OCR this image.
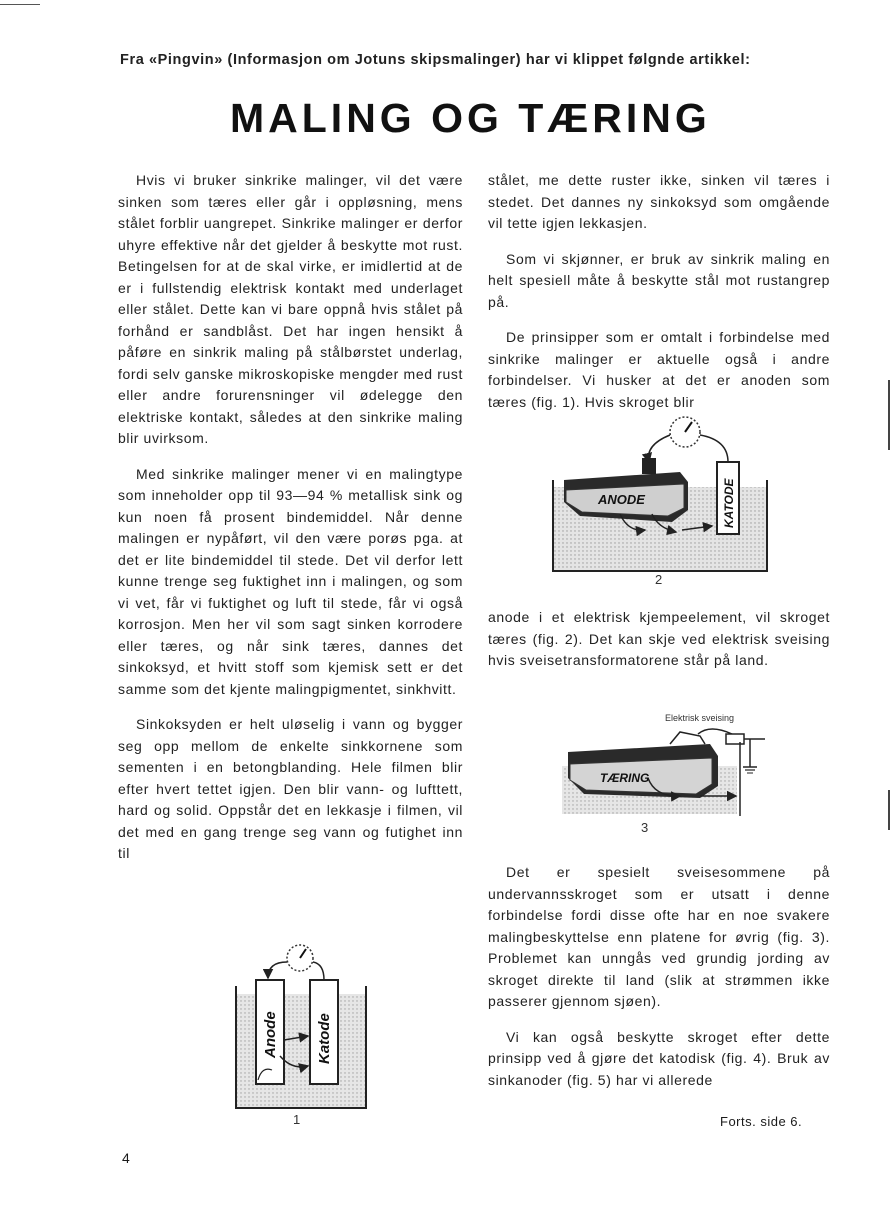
Fra «Pingvin» (Informasjon om Jotuns skipsmalinger) har vi klippet følgnde artikkel:
MALING OG TÆRING

Hvis vi bruker sinkrike malinger, vil det være sinken som tæres eller går i oppløsning, mens stålet forblir uangrepet. Sinkrike malinger er derfor uhyre effektive når det gjelder å beskytte mot rust. Betingelsen for at de skal virke, er imidlertid at de er i fullstendig elektrisk kontakt med underlaget eller stålet. Dette kan vi bare oppnå hvis stålet på forhånd er sandblåst. Det har ingen hensikt å påføre en sinkrik maling på stålbørstet underlag, fordi selv ganske mikroskopiske mengder med rust eller andre forurensninger vil ødelegge den elektriske kontakt, således at den sinkrike maling blir uvirksom.

Med sinkrike malinger mener vi en malingtype som inneholder opp til 93—94 % metallisk sink og kun noen få prosent bindemiddel. Når denne malingen er nypåført, vil den være porøs pga. at det er lite bindemiddel til stede. Det vil derfor lett kunne trenge seg fuktighet inn i malingen, og som vi vet, får vi fuktighet og luft til stede, får vi også korrosjon. Men her vil som sagt sinken korrodere eller tæres, og når sink tæres, dannes det sinkoksyd, et hvitt stoff som kjemisk sett er det samme som det kjente malingpigmentet, sinkhvitt.

Sinkoksyden er helt uløselig i vann og bygger seg opp mellom de enkelte sinkkornene som sementen i en betongblanding. Hele filmen blir efter hvert tettet igjen. Den blir vann- og lufttett, hard og solid. Oppstår det en lekkasje i filmen, vil det med en gang trenge seg vann og futighet inn til

stålet, me dette ruster ikke, sinken vil tæres i stedet. Det dannes ny sinkoksyd som omgående vil tette igjen lekkasjen.

Som vi skjønner, er bruk av sinkrik maling en helt spesiell måte å beskytte stål mot rustangrep på.

De prinsipper som er omtalt i forbindelse med sinkrike malinger er aktuelle også i andre forbindelser. Vi husker at det er anoden som tæres (fig. 1). Hvis skroget blir

anode i et elektrisk kjempeelement, vil skroget tæres (fig. 2). Det kan skje ved elektrisk sveising hvis sveisetransformatorene står på land.

Det er spesielt sveisesommene på undervannsskroget som er utsatt i denne forbindelse fordi disse ofte har en noe svakere malingbeskyttelse enn platene for øvrig (fig. 3). Problemet kan unngås ved grundig jording av skroget direkte til land (slik at strømmen ikke passerer gjennom sjøen).

Vi kan også beskytte skroget efter dette prinsipp ved å gjøre det katodisk (fig. 4). Bruk av sinkanoder (fig. 5) har vi allerede

ANODE	KATODE
2
Elektrisk sveising
TÆRING
3
Anode Katode
1	Forts. side 6.
4
